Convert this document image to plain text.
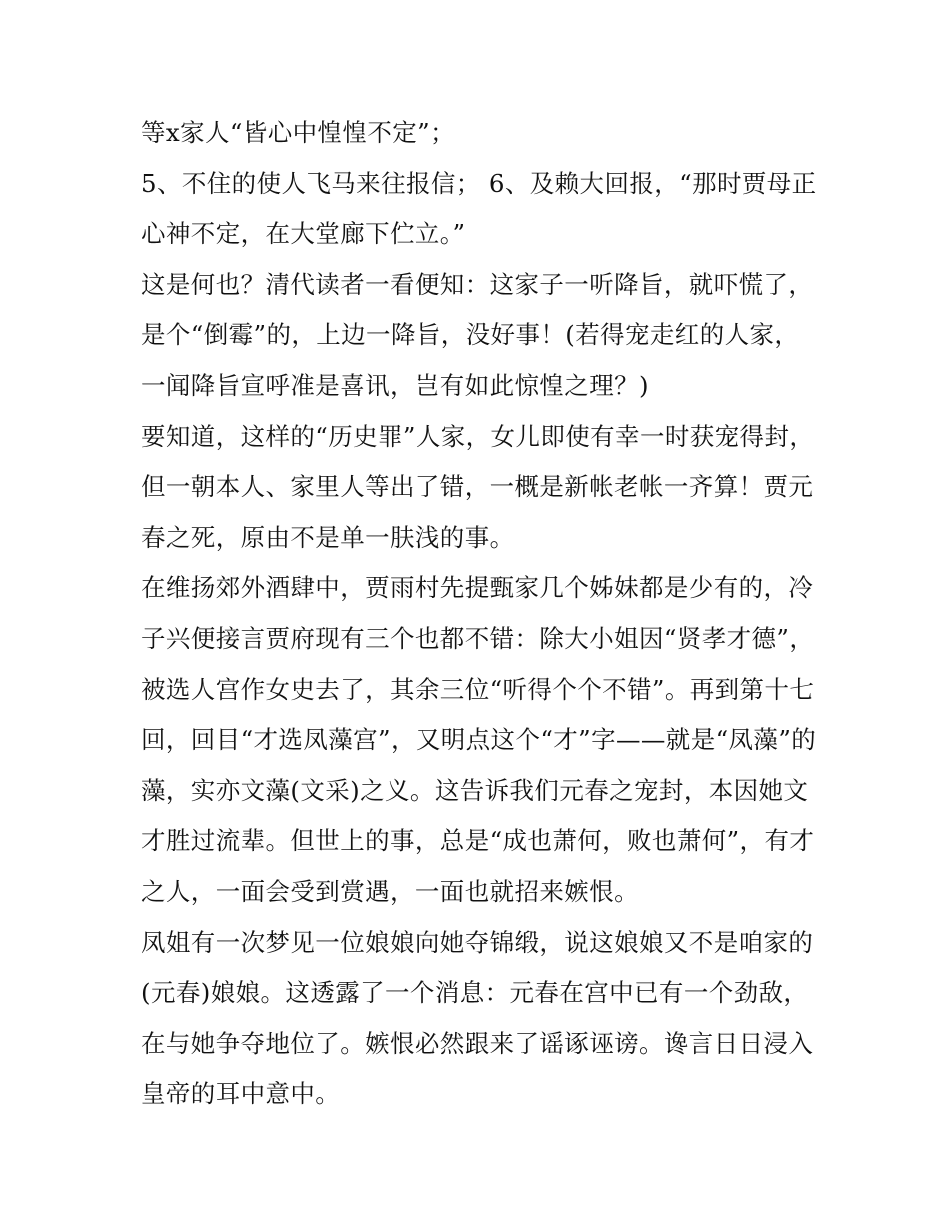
等x家人“皆心中惶惶不定”；
5、不住的使人飞马来往报信； 6、及赖大回报，“那时贾母正
心神不定，在大堂廊下伫立。”
这是何也？清代读者一看便知：这家子一听降旨，就吓慌了，
是个“倒霉”的，上边一降旨，没好事！(若得宠走红的人家，
一闻降旨宣呼准是喜讯，岂有如此惊惶之理？)
要知道，这样的“历史罪”人家，女儿即使有幸一时获宠得封，
但一朝本人、家里人等出了错，一概是新帐老帐一齐算！贾元
春之死，原由不是单一肤浅的事。
在维扬郊外酒肆中，贾雨村先提甄家几个姊妹都是少有的，冷
子兴便接言贾府现有三个也都不错：除大小姐因“贤孝才德”，
被选人宫作女史去了，其余三位“听得个个不错”。再到第十七
回，回目“才选凤藻宫”，又明点这个“才”字——就是“凤藻”的
藻，实亦文藻(文采)之义。这告诉我们元春之宠封，本因她文
才胜过流辈。但世上的事，总是“成也萧何，败也萧何”，有才
之人，一面会受到赏遇，一面也就招来嫉恨。
凤姐有一次梦见一位娘娘向她夺锦缎，说这娘娘又不是咱家的
(元春)娘娘。这透露了一个消息：元春在宫中已有一个劲敌，
在与她争夺地位了。嫉恨必然跟来了谣诼诬谤。谗言日日浸入
皇帝的耳中意中。
